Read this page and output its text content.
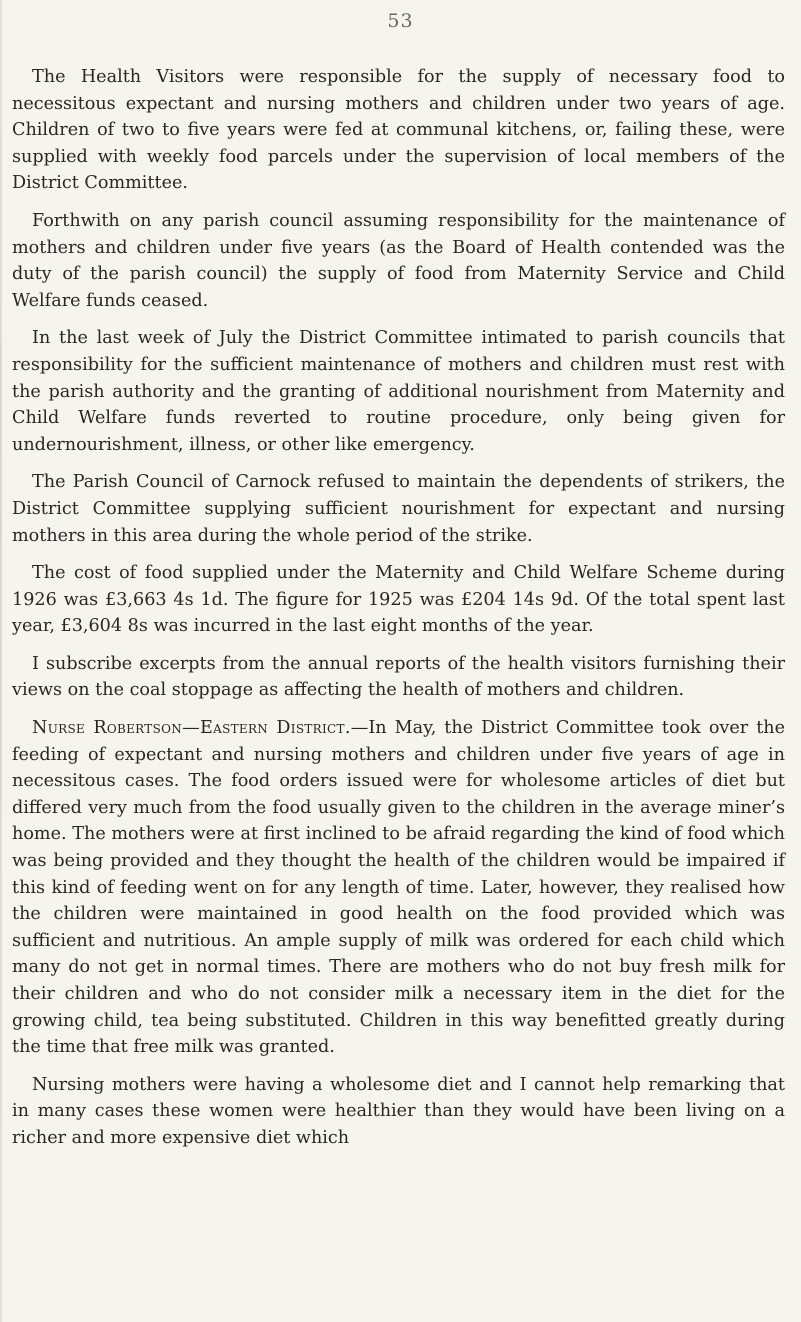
53

The Health Visitors were responsible for the supply of necessary food to necessitous expectant and nursing mothers and children under two years of age. Children of two to five years were fed at communal kitchens, or, failing these, were supplied with weekly food parcels under the supervision of local members of the District Committee.

Forthwith on any parish council assuming responsibility for the maintenance of mothers and children under five years (as the Board of Health contended was the duty of the parish council) the supply of food from Maternity Service and Child Welfare funds ceased.

In the last week of July the District Committee intimated to parish councils that responsibility for the sufficient maintenance of mothers and children must rest with the parish authority and the granting of additional nourishment from Maternity and Child Welfare funds reverted to routine procedure, only being given for undernourishment, illness, or other like emergency.

The Parish Council of Carnock refused to maintain the dependents of strikers, the District Committee supplying sufficient nourishment for expectant and nursing mothers in this area during the whole period of the strike.

The cost of food supplied under the Maternity and Child Welfare Scheme during 1926 was £3,663 4s 1d. The figure for 1925 was £204 14s 9d. Of the total spent last year, £3,604 8s was incurred in the last eight months of the year.

I subscribe excerpts from the annual reports of the health visitors furnishing their views on the coal stoppage as affecting the health of mothers and children.

Nurse Robertson—Eastern District.—In May, the District Committee took over the feeding of expectant and nursing mothers and children under five years of age in necessitous cases. The food orders issued were for wholesome articles of diet but differed very much from the food usually given to the children in the average miner’s home. The mothers were at first inclined to be afraid regarding the kind of food which was being provided and they thought the health of the children would be impaired if this kind of feeding went on for any length of time. Later, however, they realised how the children were maintained in good health on the food provided which was sufficient and nutritious. An ample supply of milk was ordered for each child which many do not get in normal times. There are mothers who do not buy fresh milk for their children and who do not consider milk a necessary item in the diet for the growing child, tea being substituted. Children in this way benefitted greatly during the time that free milk was granted.

Nursing mothers were having a wholesome diet and I cannot help remarking that in many cases these women were healthier than they would have been living on a richer and more expensive diet which
